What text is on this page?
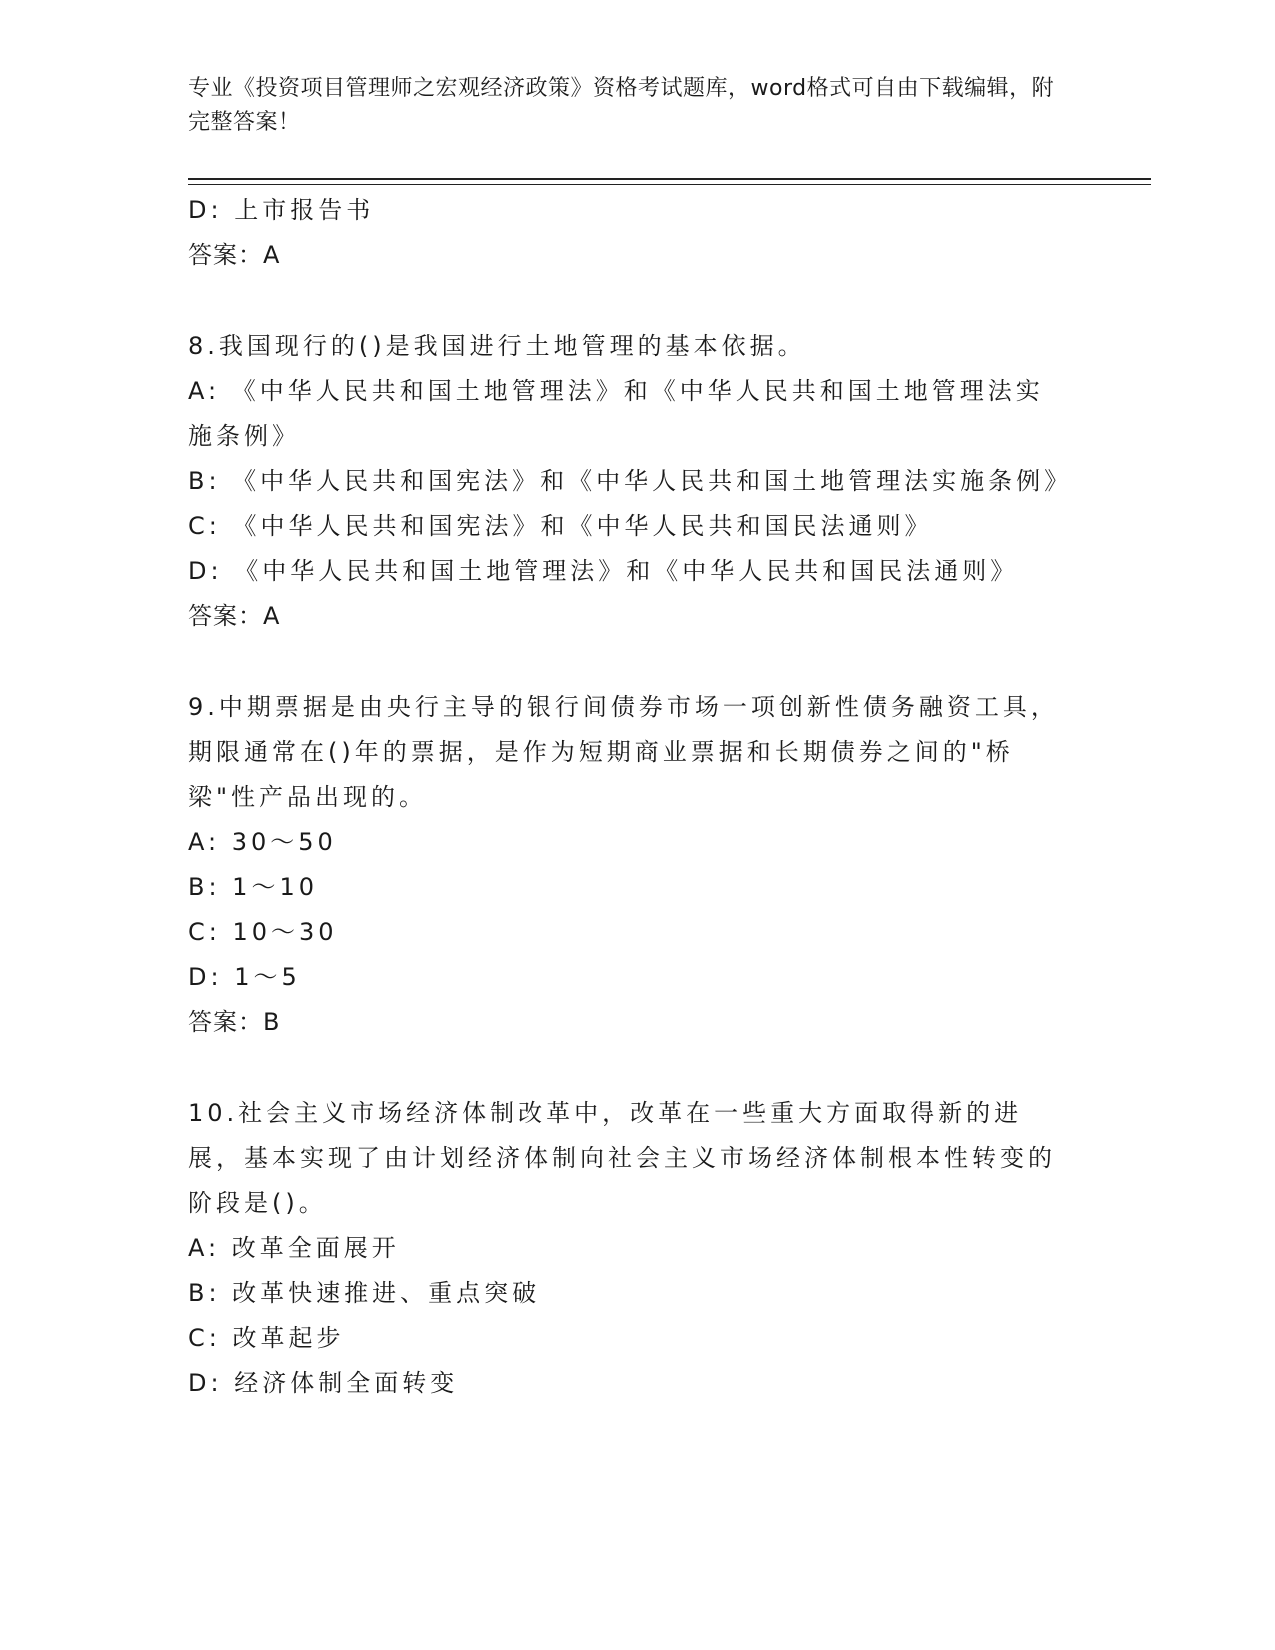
专业《投资项目管理师之宏观经济政策》资格考试题库，word格式可自由下载编辑，附完整答案！
D: 上市报告书
答案：A
8.我国现行的()是我国进行土地管理的基本依据。
A: 《中华人民共和国土地管理法》和《中华人民共和国土地管理法实施条例》
B: 《中华人民共和国宪法》和《中华人民共和国土地管理法实施条例》
C: 《中华人民共和国宪法》和《中华人民共和国民法通则》
D: 《中华人民共和国土地管理法》和《中华人民共和国民法通则》
答案：A
9.中期票据是由央行主导的银行间债券市场一项创新性债务融资工具，期限通常在()年的票据，是作为短期商业票据和长期债券之间的"桥梁"性产品出现的。
A: 30～50
B: 1～10
C: 10～30
D: 1～5
答案：B
10.社会主义市场经济体制改革中，改革在一些重大方面取得新的进展，基本实现了由计划经济体制向社会主义市场经济体制根本性转变的阶段是()。
A: 改革全面展开
B: 改革快速推进、重点突破
C: 改革起步
D: 经济体制全面转变
